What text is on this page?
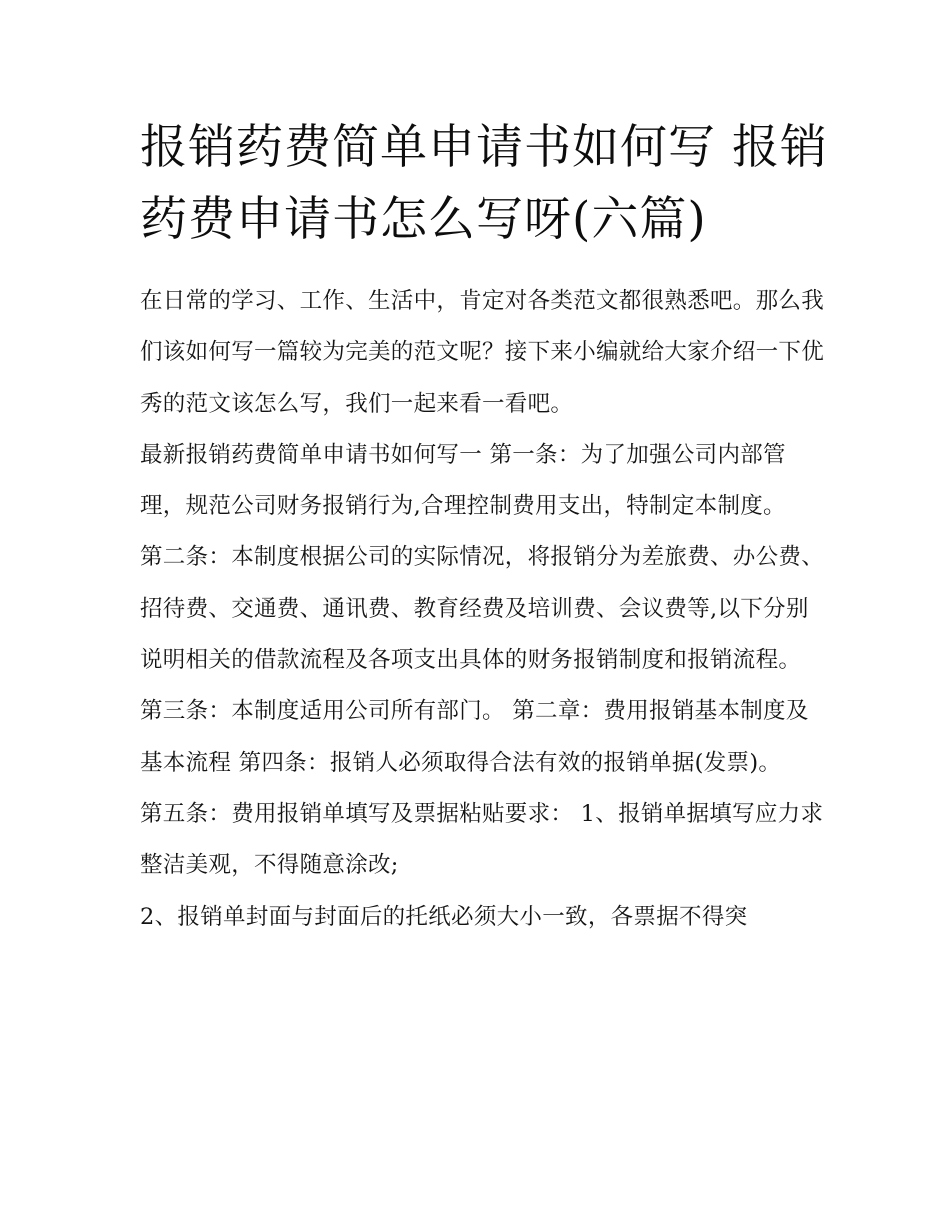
报销药费简单申请书如何写 报销药费申请书怎么写呀(六篇)

在日常的学习、工作、生活中，肯定对各类范文都很熟悉吧。那么我们该如何写一篇较为完美的范文呢？接下来小编就给大家介绍一下优秀的范文该怎么写，我们一起来看一看吧。

最新报销药费简单申请书如何写一 第一条：为了加强公司内部管理，规范公司财务报销行为,合理控制费用支出，特制定本制度。

第二条：本制度根据公司的实际情况，将报销分为差旅费、办公费、招待费、交通费、通讯费、教育经费及培训费、会议费等,以下分别说明相关的借款流程及各项支出具体的财务报销制度和报销流程。

第三条：本制度适用公司所有部门。 第二章：费用报销基本制度及基本流程 第四条：报销人必须取得合法有效的报销单据(发票)。

第五条：费用报销单填写及票据粘贴要求： 1、报销单据填写应力求整洁美观，不得随意涂改;

2、报销单封面与封面后的托纸必须大小一致，各票据不得突
